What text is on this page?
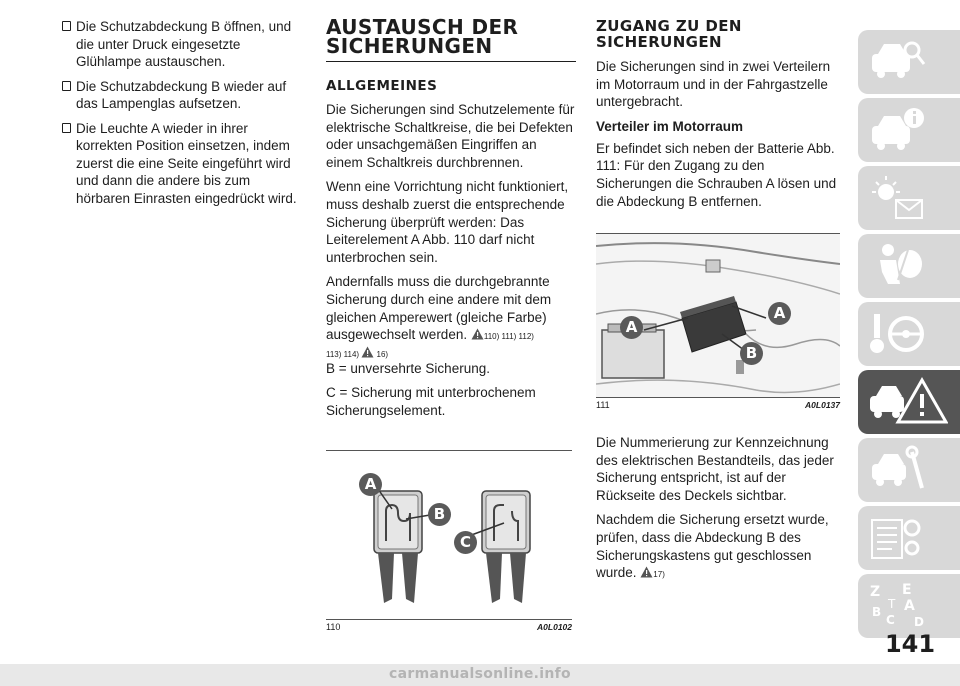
Die Schutzabdeckung B öffnen, und die unter Druck eingesetzte Glühlampe austauschen.
Die Schutzabdeckung B wieder auf das Lampenglas aufsetzen.
Die Leuchte A wieder in ihrer korrekten Position einsetzen, indem zuerst die eine Seite eingeführt wird und dann die andere bis zum hörbaren Einrasten eingedrückt wird.
AUSTAUSCH DER
SICHERUNGEN
ALLGEMEINES
Die Sicherungen sind Schutzelemente für elektrische Schaltkreise, die bei Defekten oder unsachgemäßen Eingriffen an einem Schaltkreis durchbrennen.
Wenn eine Vorrichtung nicht funktioniert, muss deshalb zuerst die entsprechende Sicherung überprüft werden: Das Leiterelement A Abb. 110 darf nicht unterbrochen sein.
Andernfalls muss die durchgebrannte Sicherung durch eine andere mit dem gleichen Amperewert (gleiche Farbe) ausgewechselt werden. 110) 111) 112)
113) 114) 16)
B = unversehrte Sicherung.
C = Sicherung mit unterbrochenem Sicherungselement.
A
B
C
110	A0L0102
ZUGANG ZU DEN
SICHERUNGEN
Die Sicherungen sind in zwei Verteilern im Motorraum und in der Fahrgastzelle untergebracht.
Verteiler im Motorraum
Er befindet sich neben der Batterie Abb. 111: Für den Zugang zu den Sicherungen die Schrauben A lösen und die Abdeckung B entfernen.
A
A
B
111	A0L0137
Die Nummerierung zur Kennzeichnung des elektrischen Bestandteils, das jeder Sicherung entspricht, ist auf der Rückseite des Deckels sichtbar.
Nachdem die Sicherung ersetzt wurde, prüfen, dass die Abdeckung B des Sicherungskastens gut geschlossen wurde. 17)
Z E
A
B
C D
T
141
carmanualsonline.info
